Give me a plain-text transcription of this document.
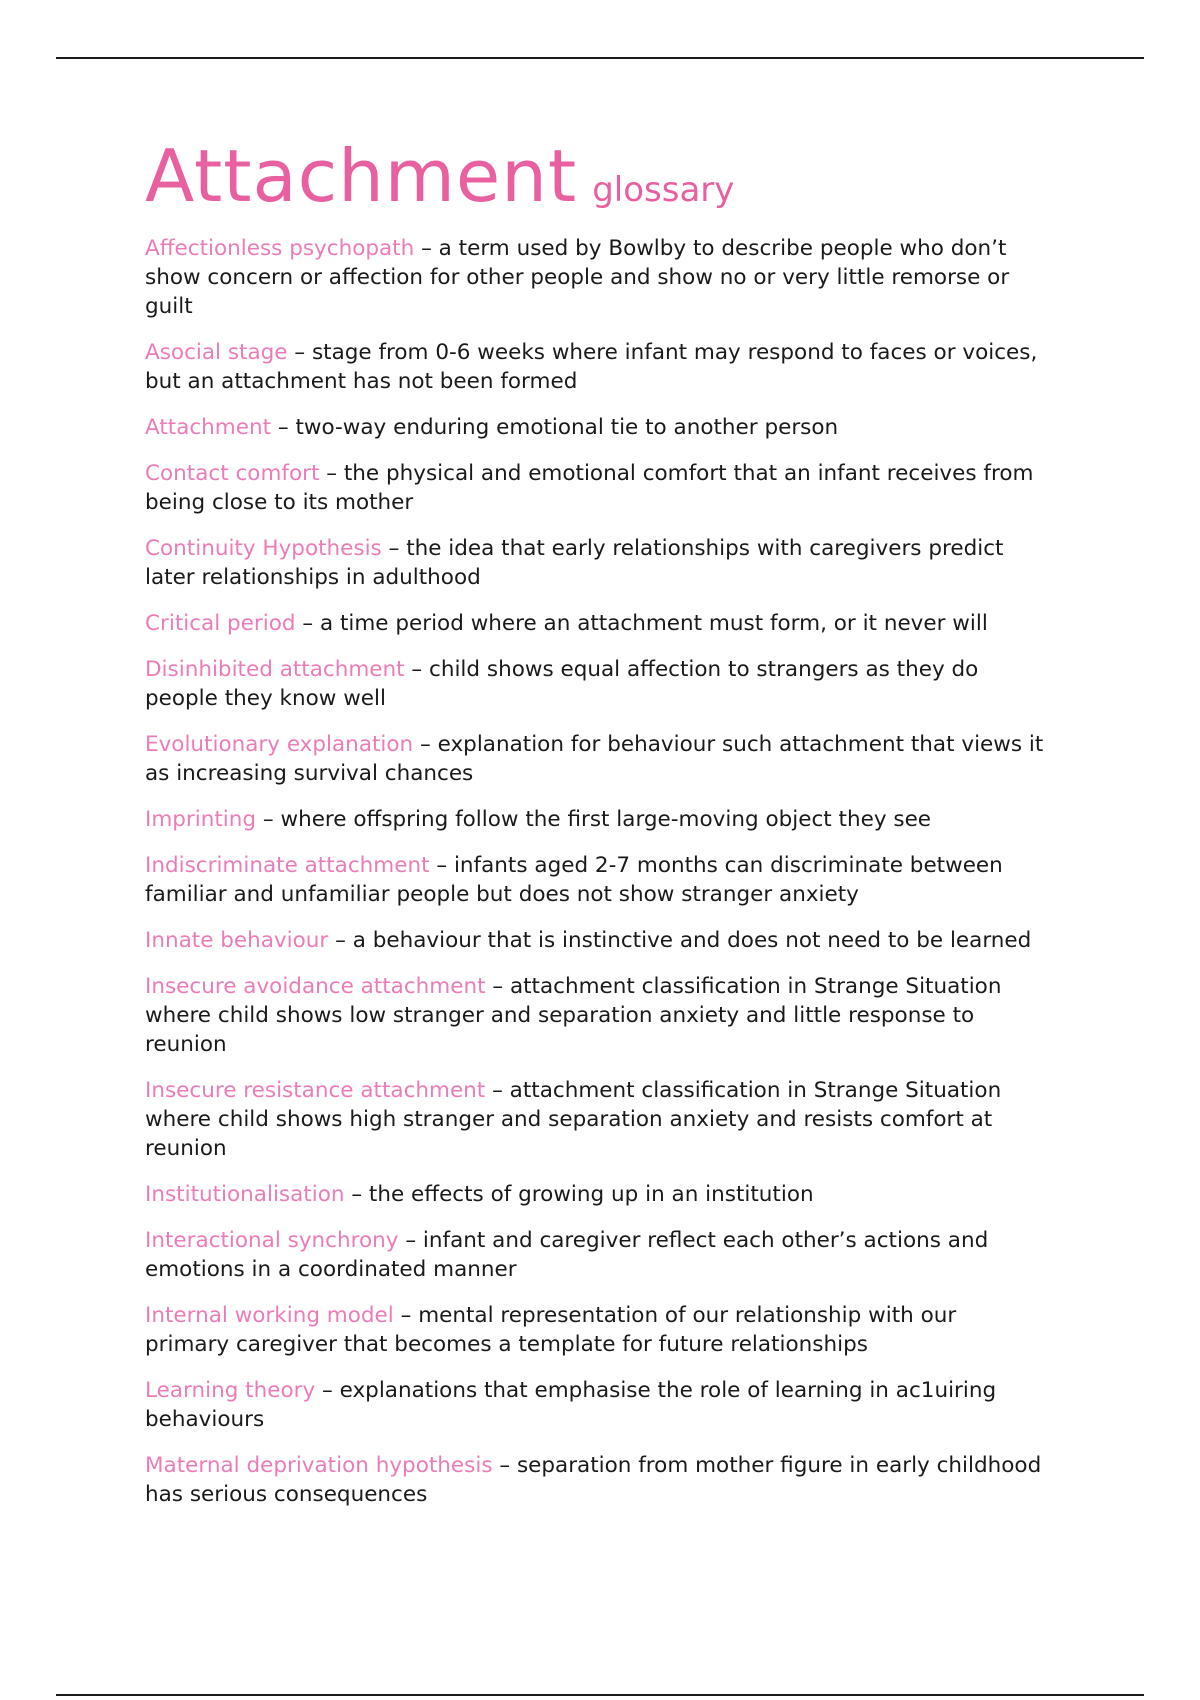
Attachment glossary

Affectionless psychopath – a term used by Bowlby to describe people who don’t show concern or affection for other people and show no or very little remorse or guilt

Asocial stage – stage from 0-6 weeks where infant may respond to faces or voices, but an attachment has not been formed

Attachment – two-way enduring emotional tie to another person

Contact comfort – the physical and emotional comfort that an infant receives from being close to its mother

Continuity Hypothesis – the idea that early relationships with caregivers predict later relationships in adulthood

Critical period – a time period where an attachment must form, or it never will

Disinhibited attachment – child shows equal affection to strangers as they do people they know well

Evolutionary explanation – explanation for behaviour such attachment that views it as increasing survival chances

Imprinting – where offspring follow the first large-moving object they see

Indiscriminate attachment – infants aged 2-7 months can discriminate between familiar and unfamiliar people but does not show stranger anxiety

Innate behaviour – a behaviour that is instinctive and does not need to be learned

Insecure avoidance attachment – attachment classification in Strange Situation where child shows low stranger and separation anxiety and little response to reunion

Insecure resistance attachment – attachment classification in Strange Situation where child shows high stranger and separation anxiety and resists comfort at reunion

Institutionalisation – the effects of growing up in an institution

Interactional synchrony – infant and caregiver reflect each other’s actions and emotions in a coordinated manner

Internal working model – mental representation of our relationship with our primary caregiver that becomes a template for future relationships

Learning theory – explanations that emphasise the role of learning in ac1uiring behaviours

Maternal deprivation hypothesis – separation from mother figure in early childhood has serious consequences
